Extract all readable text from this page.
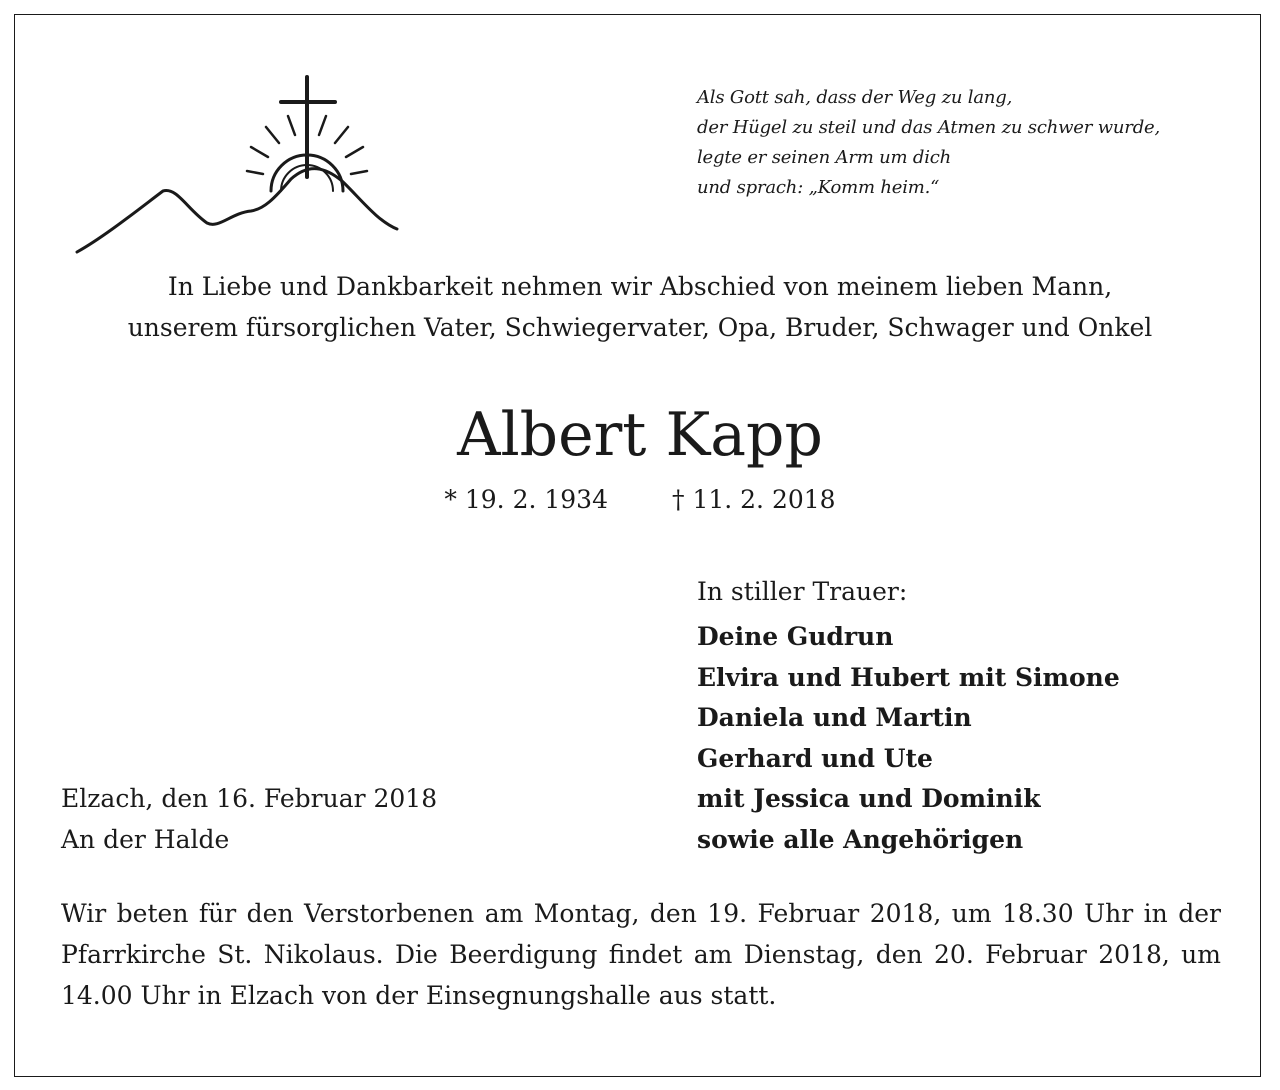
Als Gott sah, dass der Weg zu lang,
der Hügel zu steil und das Atmen zu schwer wurde,
legte er seinen Arm um dich
und sprach: „Komm heim.“
In Liebe und Dankbarkeit nehmen wir Abschied von meinem lieben Mann,
unserem fürsorglichen Vater, Schwiegervater, Opa, Bruder, Schwager und Onkel
Albert Kapp
* 19. 2. 1934	† 11. 2. 2018
In stiller Trauer:
Deine Gudrun
Elvira und Hubert mit Simone
Daniela und Martin
Gerhard und Ute
mit Jessica und Dominik
sowie alle Angehörigen
Elzach, den 16. Februar 2018
An der Halde
Wir beten für den Verstorbenen am Montag, den 19. Februar 2018, um 18.30 Uhr in der Pfarrkirche St. Nikolaus. Die Beerdigung findet am Dienstag, den 20. Februar 2018, um 14.00 Uhr in Elzach von der Einsegnungshalle aus statt.
